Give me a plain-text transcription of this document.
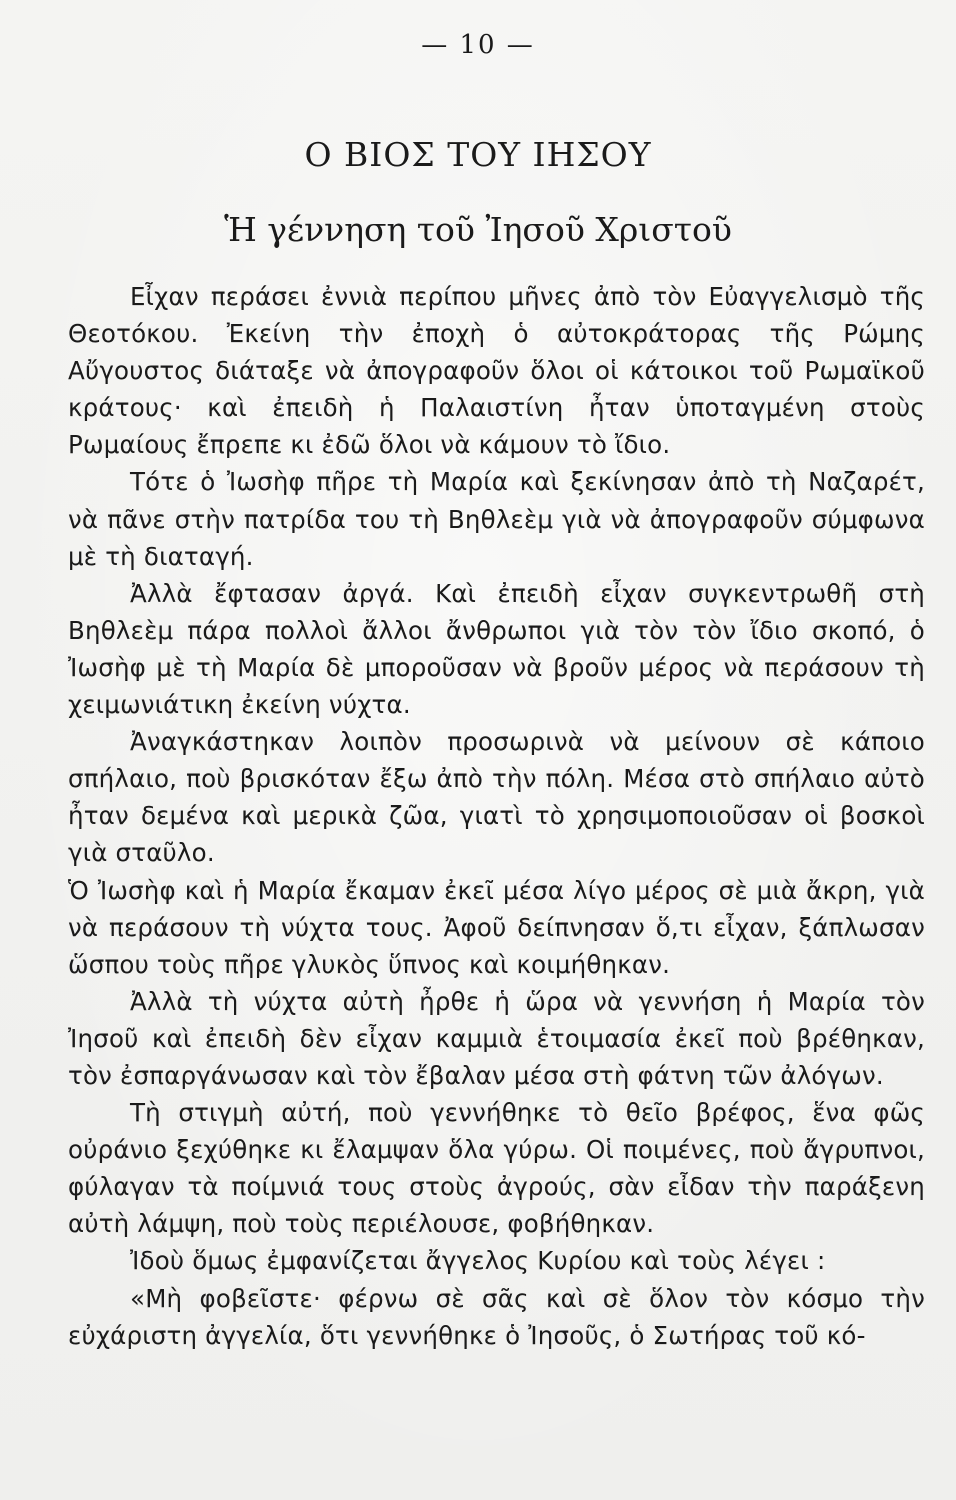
— 10 —
Ο ΒΙΟΣ ΤΟΥ ΙΗΣΟΥ
Ἡ γέννηση τοῦ Ἰησοῦ Χριστοῦ

Εἶχαν περάσει ἐννιὰ περίπου μῆνες ἀπὸ τὸν Εὐαγγελισμὸ τῆς Θεοτόκου. Ἐκείνη τὴν ἐποχὴ ὁ αὐτοκράτορας τῆς Ρώμης Αὔγουστος διάταξε νὰ ἀπογραφοῦν ὅλοι οἱ κάτοικοι τοῦ Ρωμαϊκοῦ κράτους· καὶ ἐπειδὴ ἡ Παλαιστίνη ἦταν ὑποταγμένη στοὺς Ρωμαίους ἔπρεπε κι ἐδῶ ὅλοι νὰ κάμουν τὸ ἴδιο.

Τότε ὁ Ἰωσὴφ πῆρε τὴ Μαρία καὶ ξεκίνησαν ἀπὸ τὴ Ναζαρέτ, νὰ πᾶνε στὴν πατρίδα του τὴ Βηθλεὲμ γιὰ νὰ ἀπογραφοῦν σύμφωνα μὲ τὴ διαταγή.

Ἀλλὰ ἔφτασαν ἀργά. Καὶ ἐπειδὴ εἶχαν συγκεντρωθῆ στὴ Βηθλεὲμ πάρα πολλοὶ ἄλλοι ἄνθρωποι γιὰ τὸν τὸν ἴδιο σκοπό, ὁ Ἰωσὴφ μὲ τὴ Μαρία δὲ μποροῦσαν νὰ βροῦν μέρος νὰ περάσουν τὴ χειμωνιάτικη ἐκείνη νύχτα.

Ἀναγκάστηκαν λοιπὸν προσωρινὰ νὰ μείνουν σὲ κάποιο σπήλαιο, ποὺ βρισκόταν ἔξω ἀπὸ τὴν πόλη. Μέσα στὸ σπήλαιο αὐτὸ ἦταν δεμένα καὶ μερικὰ ζῶα, γιατὶ τὸ χρησιμοποιοῦσαν οἱ βοσκοὶ γιὰ σταῦλο.

Ὁ Ἰωσὴφ καὶ ἡ Μαρία ἔκαμαν ἐκεῖ μέσα λίγο μέρος σὲ μιὰ ἄκρη, γιὰ νὰ περάσουν τὴ νύχτα τους. Ἀφοῦ δείπνησαν ὅ,τι εἶχαν, ξάπλωσαν ὥσπου τοὺς πῆρε γλυκὸς ὕπνος καὶ κοιμήθηκαν.

Ἀλλὰ τὴ νύχτα αὐτὴ ἦρθε ἡ ὥρα νὰ γεννήση ἡ Μαρία τὸν Ἰησοῦ καὶ ἐπειδὴ δὲν εἶχαν καμμιὰ ἑτοιμασία ἐκεῖ ποὺ βρέθηκαν, τὸν ἐσπαργάνωσαν καὶ τὸν ἔβαλαν μέσα στὴ φάτνη τῶν ἀλόγων.

Τὴ στιγμὴ αὐτή, ποὺ γεννήθηκε τὸ θεῖο βρέφος, ἕνα φῶς οὐράνιο ξεχύθηκε κι ἔλαμψαν ὅλα γύρω. Οἱ ποιμένες, ποὺ ἄγρυπνοι, φύλαγαν τὰ ποίμνιά τους στοὺς ἀγρούς, σὰν εἶδαν τὴν παράξενη αὐτὴ λάμψη, ποὺ τοὺς περιέλουσε, φοβήθηκαν.

Ἰδοὺ ὅμως ἐμφανίζεται ἄγγελος Κυρίου καὶ τοὺς λέγει :

«Μὴ φοβεῖστε· φέρνω σὲ σᾶς καὶ σὲ ὅλον τὸν κόσμο τὴν εὐχάριστη ἀγγελία, ὅτι γεννήθηκε ὁ Ἰησοῦς, ὁ Σωτήρας τοῦ κό-
